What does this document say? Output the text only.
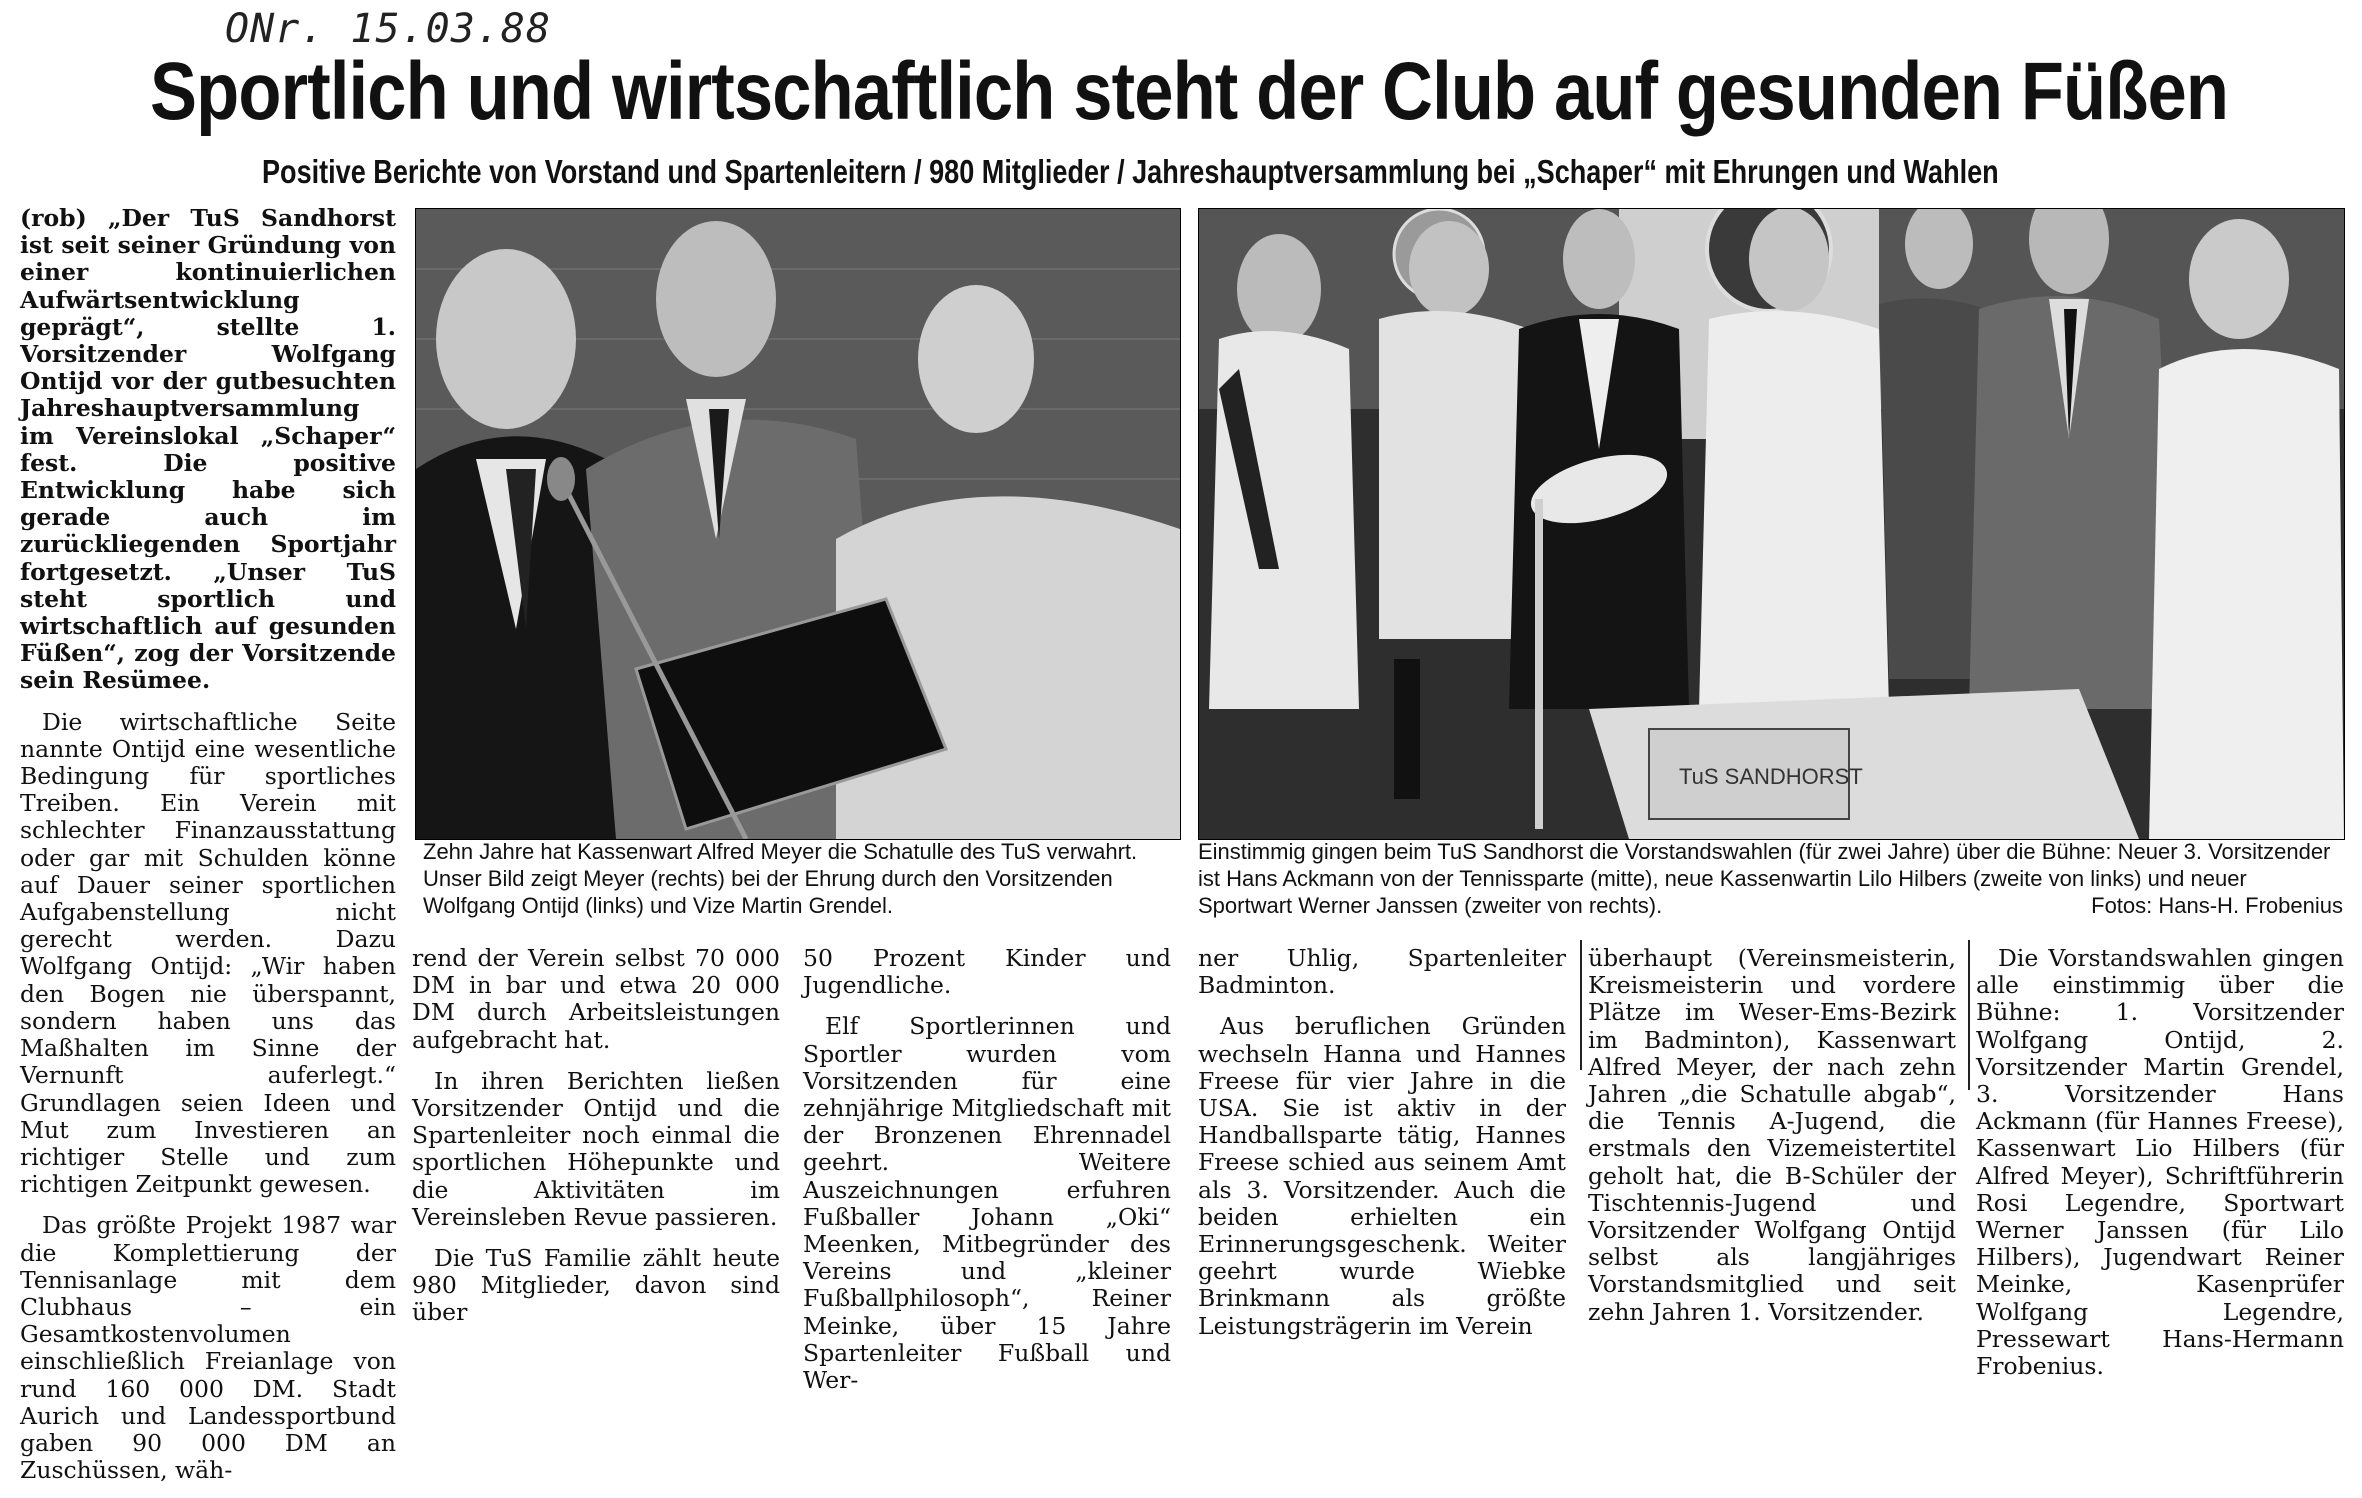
ONr. 15.03.88
Sportlich und wirtschaftlich steht der Club auf gesunden Füßen
Positive Berichte von Vorstand und Spartenleitern / 980 Mitglieder / Jahreshauptversammlung bei „Schaper“ mit Ehrungen und Wahlen

(rob) „Der TuS Sandhorst ist seit seiner Gründung von einer kontinuierlichen Aufwärtsentwicklung geprägt“, stellte 1. Vorsitzender Wolfgang Ontijd vor der gutbesuchten Jahreshauptversammlung im Vereinslokal „Schaper“ fest. Die positive Entwicklung habe sich gerade auch im zurückliegenden Sportjahr fortgesetzt. „Unser TuS steht sportlich und wirtschaftlich auf gesunden Füßen“, zog der Vorsitzende sein Resümee.

Die wirtschaftliche Seite nannte Ontijd eine wesentliche Bedingung für sportliches Treiben. Ein Verein mit schlechter Finanzausstattung oder gar mit Schulden könne auf Dauer seiner sportlichen Aufgabenstellung nicht gerecht werden. Dazu Wolfgang Ontijd: „Wir haben den Bogen nie überspannt, sondern haben uns das Maßhalten im Sinne der Vernunft auferlegt.“ Grundlagen seien Ideen und Mut zum Investieren an richtiger Stelle und zum richtigen Zeitpunkt gewesen.

Das größte Projekt 1987 war die Komplettierung der Tennisanlage mit dem Clubhaus – ein Gesamtkostenvolumen einschließlich Freianlage von rund 160 000 DM. Stadt Aurich und Landessportbund gaben 90 000 DM an Zuschüssen, wäh-

TuS SANDHORST
Zehn Jahre hat Kassenwart Alfred Meyer die Schatulle des TuS verwahrt. Unser Bild zeigt Meyer (rechts) bei der Ehrung durch den Vorsitzenden Wolfgang Ontijd (links) und Vize Martin Grendel.
Einstimmig gingen beim TuS Sandhorst die Vorstandswahlen (für zwei Jahre) über die Bühne: Neuer 3. Vorsitzender ist Hans Ackmann von der Tennissparte (mitte), neue Kassenwartin Lilo Hilbers (zweite von links) und neuer Sportwart Werner Janssen (zweiter von rechts).	Fotos: Hans-H. Frobenius

rend der Verein selbst 70 000 DM in bar und etwa 20 000 DM durch Arbeitsleistungen aufgebracht hat.

In ihren Berichten ließen Vorsitzender Ontijd und die Spartenleiter noch einmal die sportlichen Höhepunkte und die Aktivitäten im Vereinsleben Revue passieren.

Die TuS Familie zählt heute 980 Mitglieder, davon sind über

50 Prozent Kinder und Jugendliche.

Elf Sportlerinnen und Sportler wurden vom Vorsitzenden für eine zehnjährige Mitgliedschaft mit der Bronzenen Ehrennadel geehrt. Weitere Auszeichnungen erfuhren Fußballer Johann „Oki“ Meenken, Mitbegründer des Vereins und „kleiner Fußballphilosoph“, Reiner Meinke, über 15 Jahre Spartenleiter Fußball und Wer-

ner Uhlig, Spartenleiter Badminton.

Aus beruflichen Gründen wechseln Hanna und Hannes Freese für vier Jahre in die USA. Sie ist aktiv in der Handballsparte tätig, Hannes Freese schied aus seinem Amt als 3. Vorsitzender. Auch die beiden erhielten ein Erinnerungsgeschenk. Weiter geehrt wurde Wiebke Brinkmann als größte Leistungsträgerin im Verein

überhaupt (Vereinsmeisterin, Kreismeisterin und vordere Plätze im Weser-Ems-Bezirk im Badminton), Kassenwart Alfred Meyer, der nach zehn Jahren „die Schatulle abgab“, die Tennis A-Jugend, die erstmals den Vizemeistertitel geholt hat, die B-Schüler der Tischtennis-Jugend und Vorsitzender Wolfgang Ontijd selbst als langjähriges Vorstandsmitglied und seit zehn Jahren 1. Vorsitzender.

Die Vorstandswahlen gingen alle einstimmig über die Bühne: 1. Vorsitzender Wolfgang Ontijd, 2. Vorsitzender Martin Grendel, 3. Vorsitzender Hans Ackmann (für Hannes Freese), Kassenwart Lio Hilbers (für Alfred Meyer), Schriftführerin Rosi Legendre, Sportwart Werner Janssen (für Lilo Hilbers), Jugendwart Reiner Meinke, Kasenprüfer Wolfgang Legendre, Pressewart Hans-Hermann Frobenius.
